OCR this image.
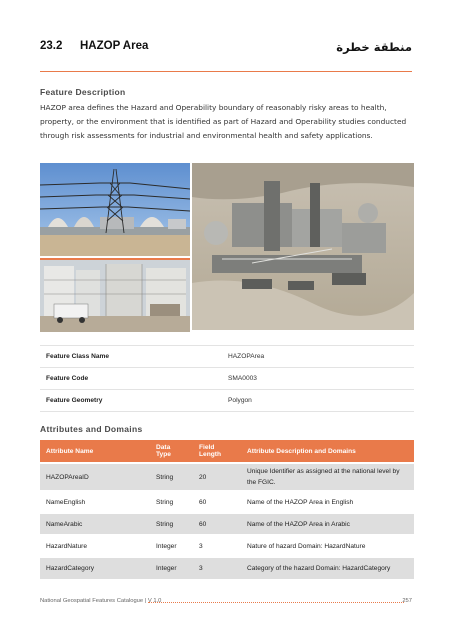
23.2 HAZOP Area	منطقة خطرة
Feature Description

HAZOP area defines the Hazard and Operability boundary of reasonably risky areas to health, property, or the environment that is identified as part of Hazard and Operability studies conducted through risk assessments for industrial and environmental health and safety applications.

Feature Class Name	HAZOPArea
Feature Code	SMA0003
Feature Geometry	Polygon
Attributes and Domains
Attribute Name	Data Type	Field Length	Attribute Description and Domains
HAZOPAreaID	String	20	Unique Identifier as assigned at the national level by the FGIC.
NameEnglish	String	60	Name of the HAZOP Area in English
NameArabic	String	60	Name of the HAZOP Area in Arabic
HazardNature	Integer	3	Nature of hazard Domain: HazardNature
HazardCategory	Integer	3	Category of the hazard Domain: HazardCategory
National Geospatial Features Catalogue | V 1.0	257
